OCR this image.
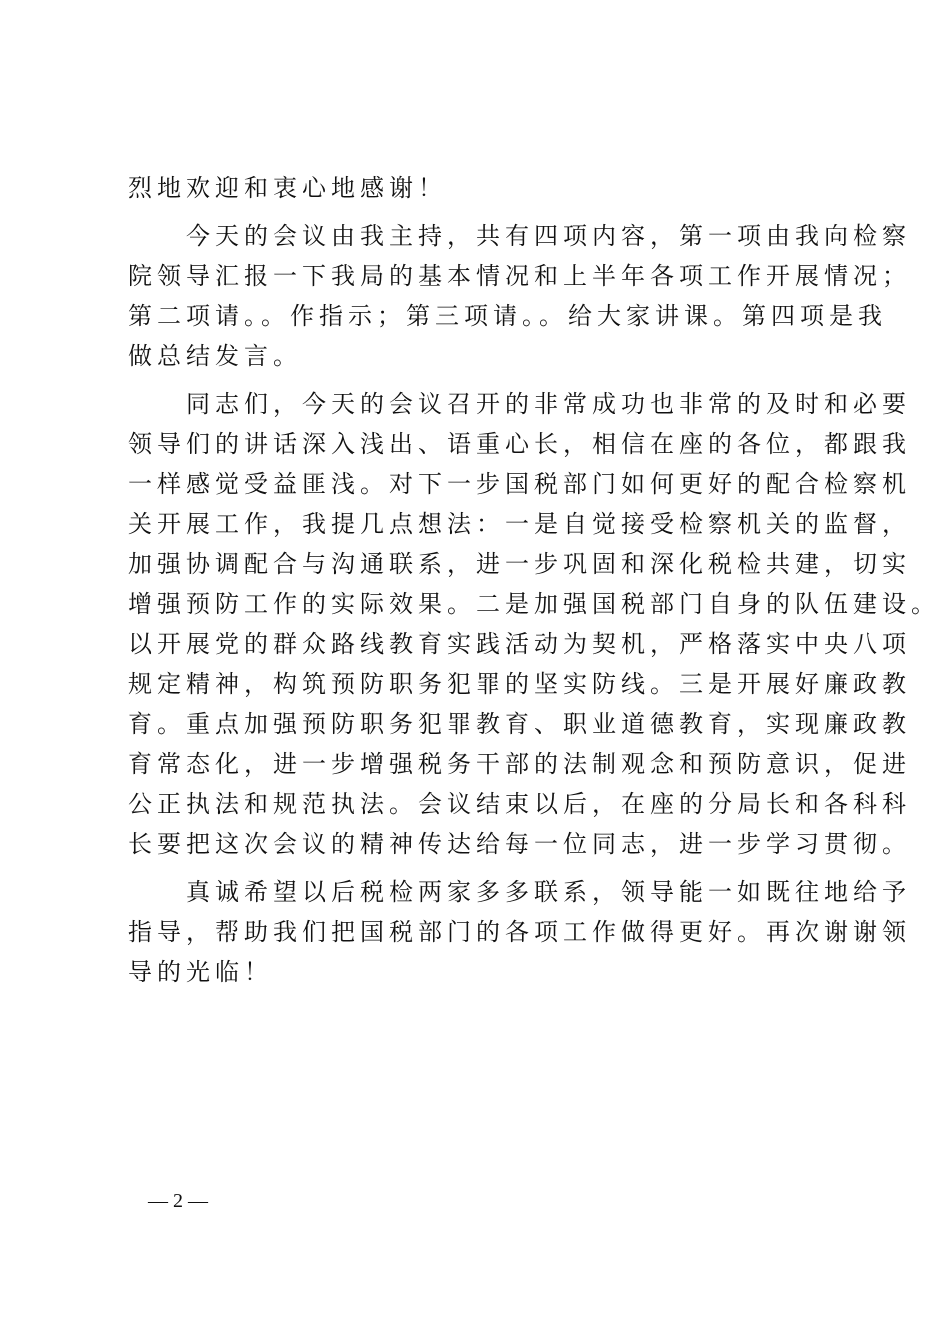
烈地欢迎和衷心地感谢！
　　今天的会议由我主持，共有四项内容，第一项由我向检察
院领导汇报一下我局的基本情况和上半年各项工作开展情况；
第二项请。。作指示；第三项请。。给大家讲课。第四项是我
做总结发言。
　　同志们，今天的会议召开的非常成功也非常的及时和必要
领导们的讲话深入浅出、语重心长，相信在座的各位，都跟我
一样感觉受益匪浅。对下一步国税部门如何更好的配合检察机
关开展工作，我提几点想法：一是自觉接受检察机关的监督，
加强协调配合与沟通联系，进一步巩固和深化税检共建，切实
增强预防工作的实际效果。二是加强国税部门自身的队伍建设。
以开展党的群众路线教育实践活动为契机，严格落实中央八项
规定精神，构筑预防职务犯罪的坚实防线。三是开展好廉政教
育。重点加强预防职务犯罪教育、职业道德教育，实现廉政教
育常态化，进一步增强税务干部的法制观念和预防意识，促进
公正执法和规范执法。会议结束以后，在座的分局长和各科科
长要把这次会议的精神传达给每一位同志，进一步学习贯彻。
　　真诚希望以后税检两家多多联系，领导能一如既往地给予
指导，帮助我们把国税部门的各项工作做得更好。再次谢谢领
导的光临！
— 2 —
